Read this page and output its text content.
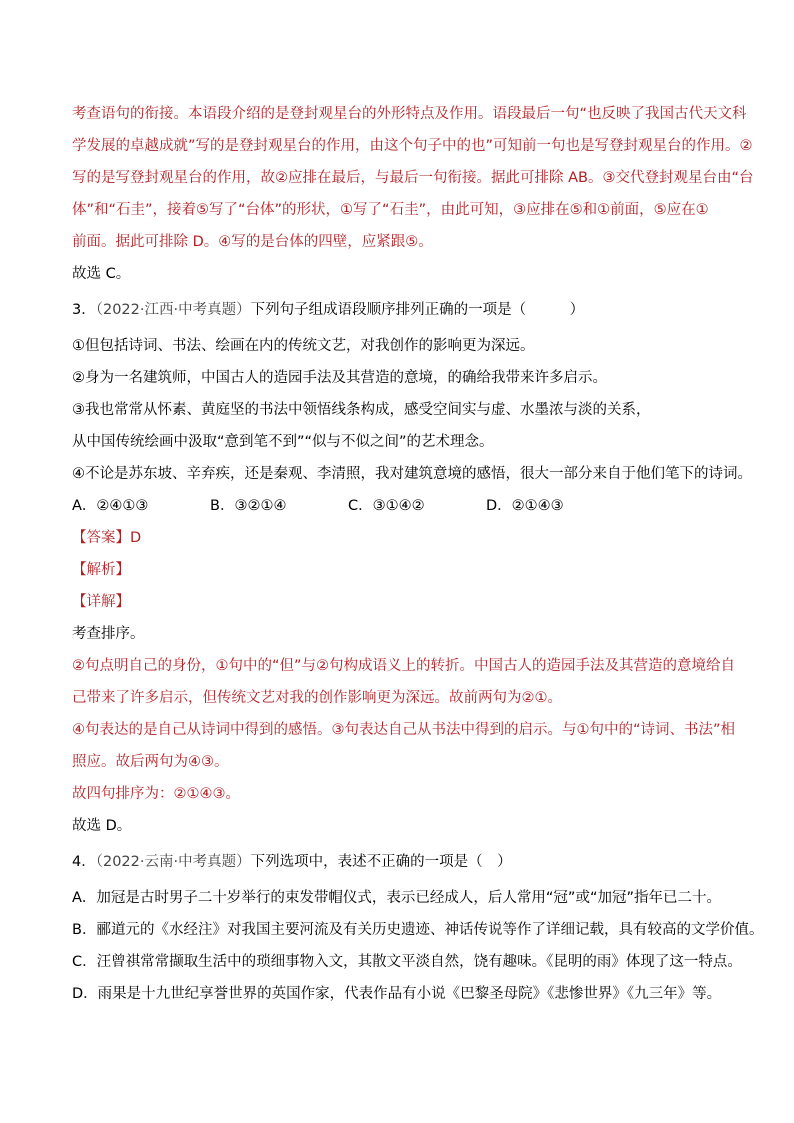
考查语句的衔接。本语段介绍的是登封观星台的外形特点及作用。语段最后一句“也反映了我国古代天文科
学发展的卓越成就”写的是登封观星台的作用，由这个句子中的也”可知前一句也是写登封观星台的作用。②
写的是写登封观星台的作用，故②应排在最后，与最后一句衔接。据此可排除 AB。③交代登封观星台由“台
体”和“石圭”，接着⑤写了“台体”的形状，①写了“石圭”，由此可知，③应排在⑤和①前面，⑤应在①
前面。据此可排除 D。④写的是台体的四壁，应紧跟⑤。
故选 C。
3．（2022·江西·中考真题）下列句子组成语段顺序排列正确的一项是（　　　）
①但包括诗词、书法、绘画在内的传统文艺，对我创作的影响更为深远。
②身为一名建筑师，中国古人的造园手法及其营造的意境，的确给我带来许多启示。
③我也常常从怀素、黄庭坚的书法中领悟线条构成，感受空间实与虚、水墨浓与淡的关系，
从中国传统绘画中汲取“意到笔不到”“似与不似之间”的艺术理念。
④不论是苏东坡、辛弃疾，还是秦观、李清照，我对建筑意境的感悟，很大一部分来自于他们笔下的诗词。
A．②④①③	B．③②①④	C．③①④②	D．②①④③
【答案】D
【解析】
【详解】
考查排序。
②句点明自己的身份，①句中的“但”与②句构成语义上的转折。中国古人的造园手法及其营造的意境给自
己带来了许多启示，但传统文艺对我的创作影响更为深远。故前两句为②①。
④句表达的是自己从诗词中得到的感悟。③句表达自己从书法中得到的启示。与①句中的“诗词、书法”相
照应。故后两句为④③。
故四句排序为：②①④③。
故选 D。
4．（2022·云南·中考真题）下列选项中，表述不正确的一项是（　）
A．加冠是古时男子二十岁举行的束发带帽仪式，表示已经成人，后人常用“冠”或“加冠”指年已二十。
B．郦道元的《水经注》对我国主要河流及有关历史遗迹、神话传说等作了详细记载，具有较高的文学价值。
C．汪曾祺常常撷取生活中的琐细事物入文，其散文平淡自然，饶有趣味。《昆明的雨》体现了这一特点。
D．雨果是十九世纪享誉世界的英国作家，代表作品有小说《巴黎圣母院》《悲惨世界》《九三年》等。
